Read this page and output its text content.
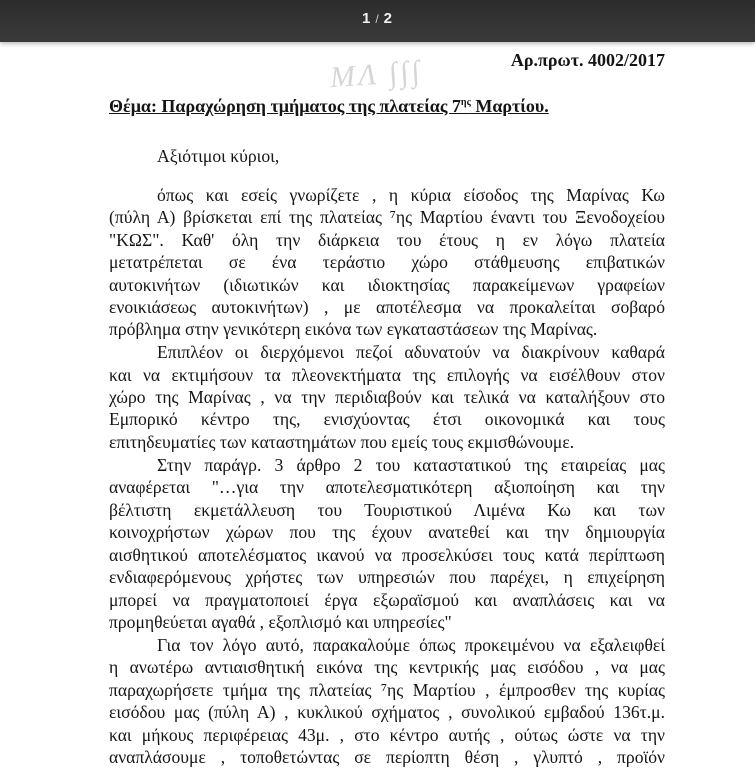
1 / 2
ΜΛ ∫∫∫	Αρ.πρωτ. 4002/2017
Θέμα: Παραχώρηση τμήματος της πλατείας $7^{\eta\varsigma}$ Μαρτίου.
Αξιότιμοι κύριοι,
όπως και εσείς γνωρίζετε , η κύρια είσοδος της Μαρίνας Κω
(πύλη Α) βρίσκεται επί της πλατείας ⁷ης Μαρτίου έναντι του Ξενοδοχείου
"ΚΩΣ". Καθ' όλη την διάρκεια του έτους η εν λόγω πλατεία
μετατρέπεται σε ένα τεράστιο χώρο στάθμευσης επιβατικών
αυτοκινήτων (ιδιωτικών και ιδιοκτησίας παρακείμενων γραφείων
ενοικιάσεως αυτοκινήτων) , με αποτέλεσμα να προκαλείται σοβαρό
πρόβλημα στην γενικότερη εικόνα των εγκαταστάσεων της Μαρίνας.
Επιπλέον οι διερχόμενοι πεζοί αδυνατούν να διακρίνουν καθαρά
και να εκτιμήσουν τα πλεονεκτήματα της επιλογής να εισέλθουν στον
χώρο της Μαρίνας , να την περιδιαβούν και τελικά να καταλήξουν στο
Εμπορικό κέντρο της, ενισχύοντας έτσι οικονομικά και τους
επιτηδευματίες των καταστημάτων που εμείς τους εκμισθώνουμε.
Στην παράγρ. 3 άρθρο 2 του καταστατικού της εταιρείας μας
αναφέρεται "…για την αποτελεσματικότερη αξιοποίηση και την
βέλτιστη εκμετάλλευση του Τουριστικού Λιμένα Κω και των
κοινοχρήστων χώρων που της έχουν ανατεθεί και την δημιουργία
αισθητικού αποτελέσματος ικανού να προσελκύσει τους κατά περίπτωση
ενδιαφερόμενους χρήστες των υπηρεσιών που παρέχει, η επιχείρηση
μπορεί να πραγματοποιεί έργα εξωραϊσμού και αναπλάσεις και να
προμηθεύεται αγαθά , εξοπλισμό και υπηρεσίες"
Για τον λόγο αυτό, παρακαλούμε όπως προκειμένου να εξαλειφθεί
η ανωτέρω αντιαισθητική εικόνα της κεντρικής μας εισόδου , να μας
παραχωρήσετε τμήμα της πλατείας ⁷ης Μαρτίου , έμπροσθεν της κυρίας
εισόδου μας (πύλη Α) , κυκλικού σχήματος , συνολικού εμβαδού 136τ.μ.
και μήκους περιφέρειας 43μ. , στο κέντρο αυτής , ούτως ώστε να την
αναπλάσουμε , τοποθετώντας σε περίοπτη θέση , γλυπτό , προϊόν
